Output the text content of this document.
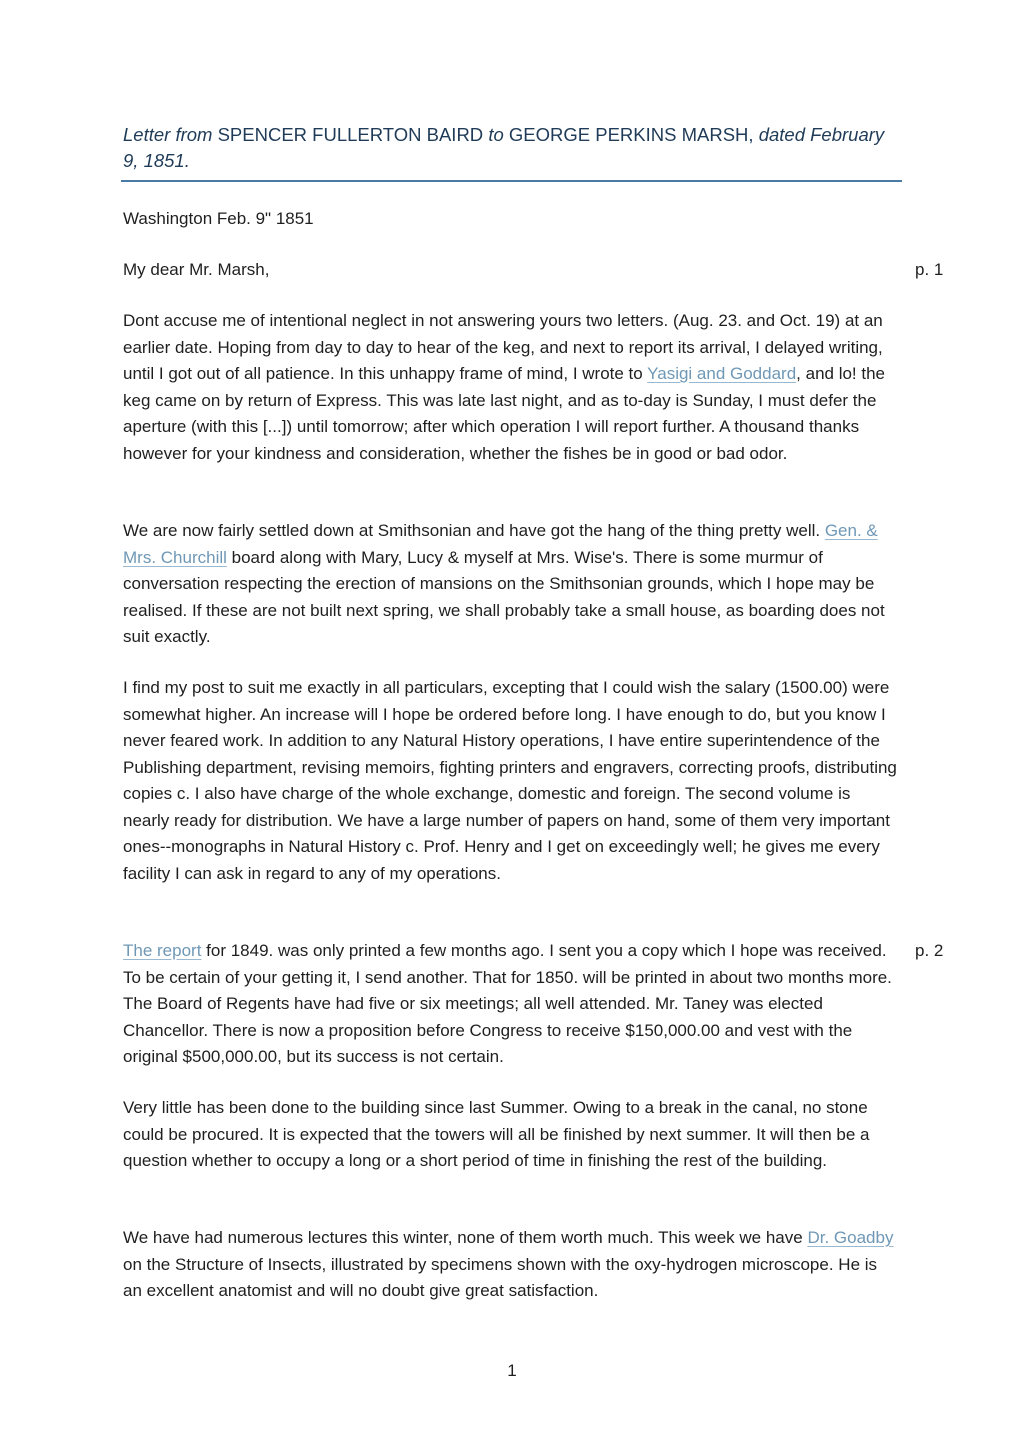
Letter from SPENCER FULLERTON BAIRD to GEORGE PERKINS MARSH, dated February 9, 1851.

Washington Feb. 9" 1851

My dear Mr. Marsh,	p. 1

Dont accuse me of intentional neglect in not answering yours two letters. (Aug. 23. and Oct. 19) at an earlier date. Hoping from day to day to hear of the keg, and next to report its arrival, I delayed writing, until I got out of all patience. In this unhappy frame of mind, I wrote to Yasigi and Goddard, and lo! the keg came on by return of Express. This was late last night, and as to-day is Sunday, I must defer the aperture (with this [...]) until tomorrow; after which operation I will report further. A thousand thanks however for your kindness and consideration, whether the fishes be in good or bad odor.

We are now fairly settled down at Smithsonian and have got the hang of the thing pretty well. Gen. & Mrs. Churchill board along with Mary, Lucy & myself at Mrs. Wise's. There is some murmur of conversation respecting the erection of mansions on the Smithsonian grounds, which I hope may be realised. If these are not built next spring, we shall probably take a small house, as boarding does not suit exactly.

I find my post to suit me exactly in all particulars, excepting that I could wish the salary (1500.00) were somewhat higher. An increase will I hope be ordered before long. I have enough to do, but you know I never feared work. In addition to any Natural History operations, I have entire superintendence of the Publishing department, revising memoirs, fighting printers and engravers, correcting proofs, distributing copies c. I also have charge of the whole exchange, domestic and foreign. The second volume is nearly ready for distribution. We have a large number of papers on hand, some of them very important ones--monographs in Natural History c. Prof. Henry and I get on exceedingly well; he gives me every facility I can ask in regard to any of my operations.

The report for 1849. was only printed a few months ago. I sent you a copy which I hope was received. To be certain of your getting it, I send another. That for 1850. will be printed in about two months more. The Board of Regents have had five or six meetings; all well attended. Mr. Taney was elected Chancellor. There is now a proposition before Congress to receive $150,000.00 and vest with the original $500,000.00, but its success is not certain.

p. 2

Very little has been done to the building since last Summer. Owing to a break in the canal, no stone could be procured. It is expected that the towers will all be finished by next summer. It will then be a question whether to occupy a long or a short period of time in finishing the rest of the building.

We have had numerous lectures this winter, none of them worth much. This week we have Dr. Goadby on the Structure of Insects, illustrated by specimens shown with the oxy-hydrogen microscope. He is an excellent anatomist and will no doubt give great satisfaction.

1
